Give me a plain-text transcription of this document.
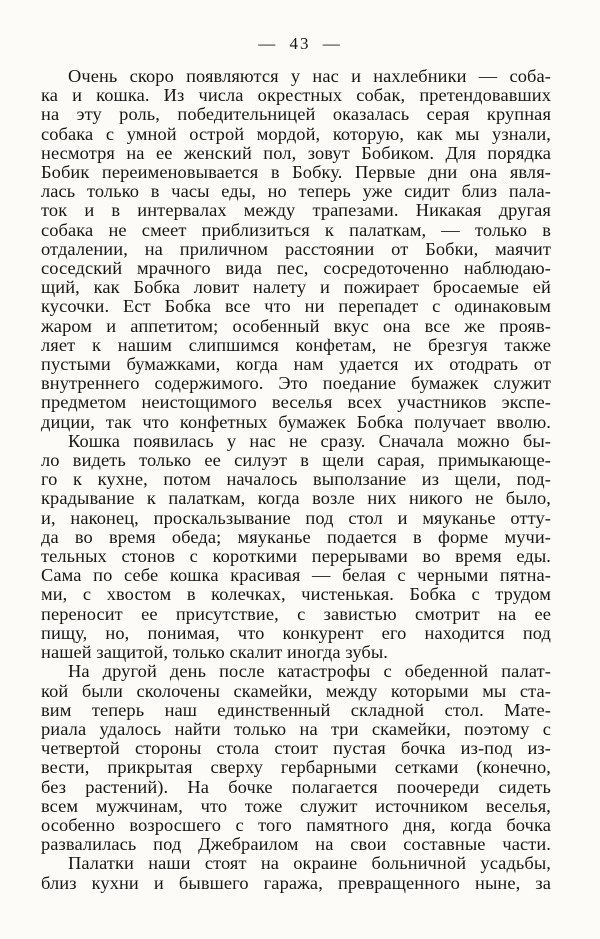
— 43 —
Очень скоро появляются у нас и нахлебники — соба-
ка и кошка. Из числа окрестных собак, претендовавших
на эту роль, победительницей оказалась серая крупная
собака с умной острой мордой, которую, как мы узнали,
несмотря на ее женский пол, зовут Бобиком. Для порядка
Бобик переименовывается в Бобку. Первые дни она явля-
лась только в часы еды, но теперь уже сидит близ пала-
ток и в интервалах между трапезами. Никакая другая
собака не смеет приблизиться к палаткам, — только в
отдалении, на приличном расстоянии от Бобки, маячит
соседский мрачного вида пес, сосредоточенно наблюдаю-
щий, как Бобка ловит налету и пожирает бросаемые ей
кусочки. Ест Бобка все что ни перепадет с одинаковым
жаром и аппетитом; особенный вкус она все же прояв-
ляет к нашим слипшимся конфетам, не брезгуя также
пустыми бумажками, когда нам удается их отодрать от
внутреннего содержимого. Это поедание бумажек служит
предметом неистощимого веселья всех участников экспе-
диции, так что конфетных бумажек Бобка получает вволю.
Кошка появилась у нас не сразу. Сначала можно бы-
ло видеть только ее силуэт в щели сарая, примыкающе-
го к кухне, потом началось выползание из щели, под-
крадывание к палаткам, когда возле них никого не было,
и, наконец, проскальзывание под стол и мяуканье отту-
да во время обеда; мяуканье подается в форме мучи-
тельных стонов с короткими перерывами во время еды.
Сама по себе кошка красивая — белая с черными пятна-
ми, с хвостом в колечках, чистенькая. Бобка с трудом
переносит ее присутствие, с завистью смотрит на ее
пищу, но, понимая, что конкурент его находится под
нашей защитой, только скалит иногда зубы.
На другой день после катастрофы с обеденной палат-
кой были сколочены скамейки, между которыми мы ста-
вим теперь наш единственный складной стол. Мате-
риала удалось найти только на три скамейки, поэтому с
четвертой стороны стола стоит пустая бочка из-под из-
вести, прикрытая сверху гербарными сетками (конечно,
без растений). На бочке полагается поочереди сидеть
всем мужчинам, что тоже служит источником веселья,
особенно возросшего с того памятного дня, когда бочка
развалилась под Джебраилом на свои составные части.
Палатки наши стоят на окраине больничной усадьбы,
близ кухни и бывшего гаража, превращенного ныне, за
